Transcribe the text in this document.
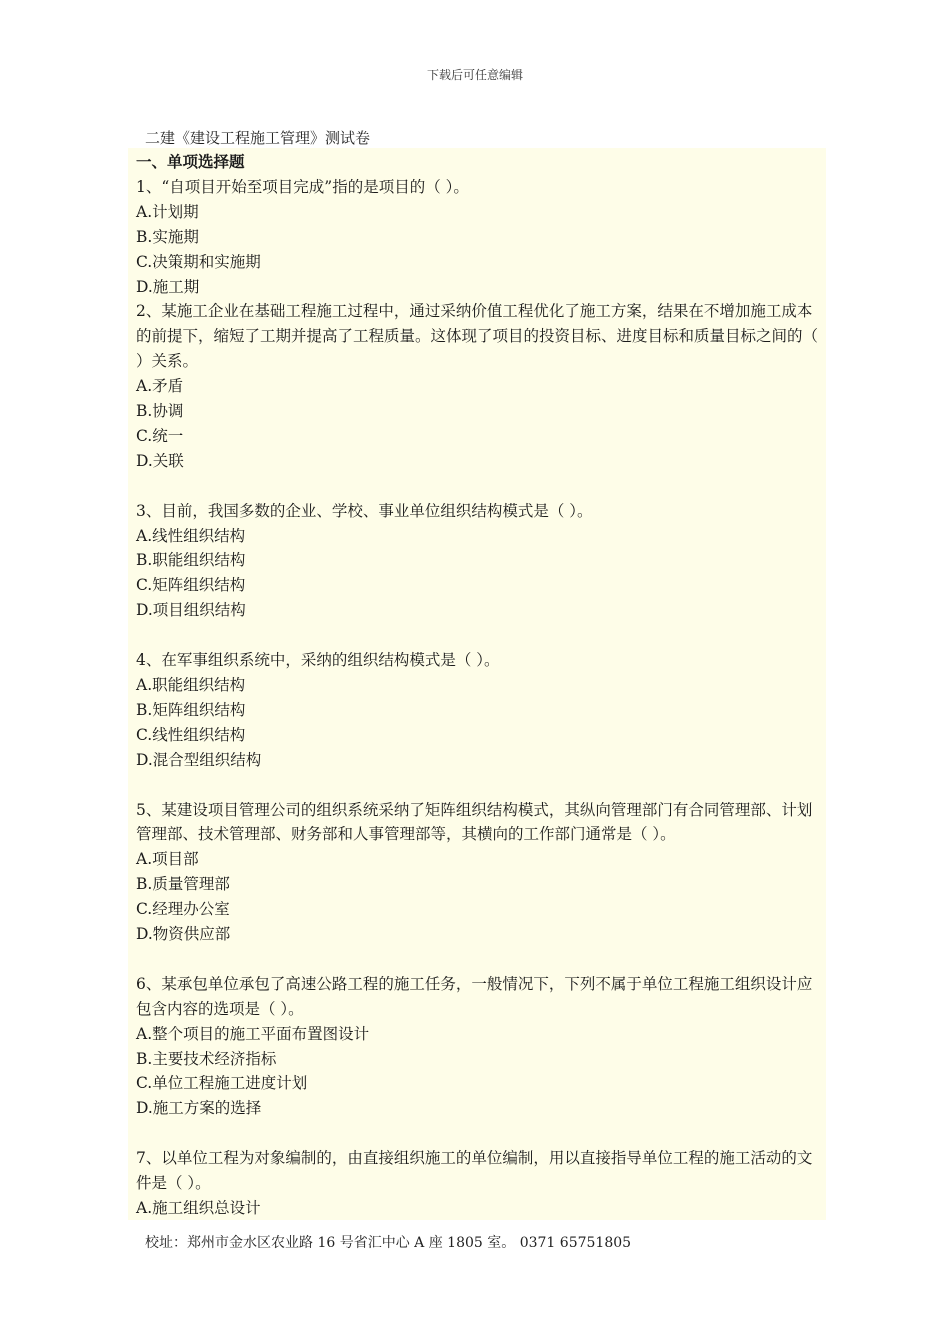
下载后可任意编辑
二建《建设工程施工管理》测试卷
一、单项选择题
1、“自项目开始至项目完成”指的是项目的（ ）。
A.计划期
B.实施期
C.决策期和实施期
D.施工期
2、某施工企业在基础工程施工过程中，通过采纳价值工程优化了施工方案，结果在不增加施工成本的前提下，缩短了工期并提高了工程质量。这体现了项目的投资目标、进度目标和质量目标之间的（ ）关系。
A.矛盾
B.协调
C.统一
D.关联
3、目前，我国多数的企业、学校、事业单位组织结构模式是（ ）。
A.线性组织结构
B.职能组织结构
C.矩阵组织结构
D.项目组织结构
4、在军事组织系统中，采纳的组织结构模式是（ ）。
A.职能组织结构
B.矩阵组织结构
C.线性组织结构
D.混合型组织结构
5、某建设项目管理公司的组织系统采纳了矩阵组织结构模式，其纵向管理部门有合同管理部、计划管理部、技术管理部、财务部和人事管理部等，其横向的工作部门通常是（ ）。
A.项目部
B.质量管理部
C.经理办公室
D.物资供应部
6、某承包单位承包了高速公路工程的施工任务，一般情况下，下列不属于单位工程施工组织设计应包含内容的选项是（ ）。
A.整个项目的施工平面布置图设计
B.主要技术经济指标
C.单位工程施工进度计划
D.施工方案的选择
7、以单位工程为对象编制的，由直接组织施工的单位编制，用以直接指导单位工程的施工活动的文件是（ ）。
A.施工组织总设计
校址：郑州市金水区农业路 16 号省汇中心 A 座 1805 室。 0371 65751805
